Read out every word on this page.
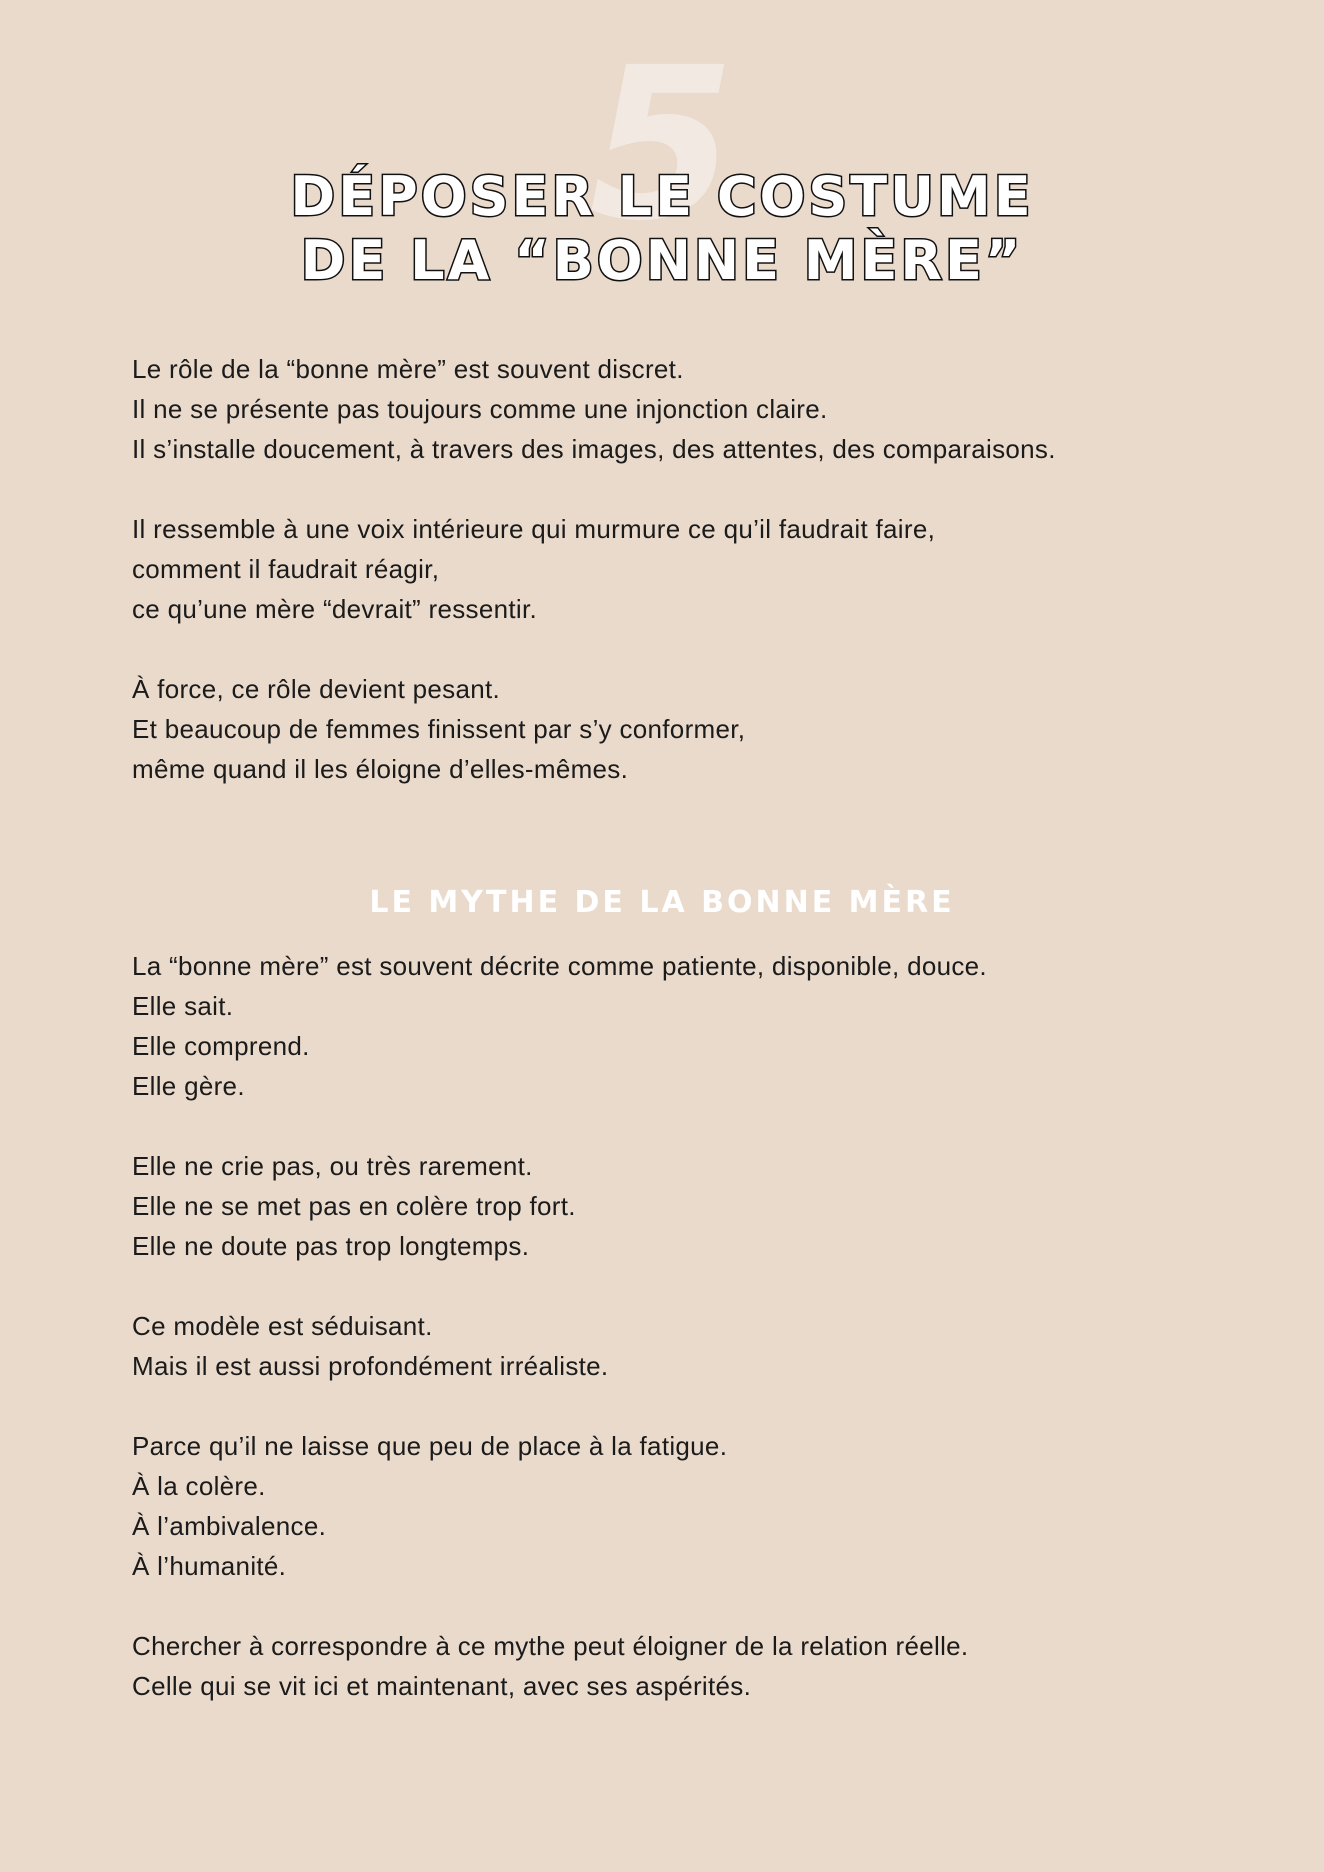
5
DÉPOSER LE COSTUME
DE LA “BONNE MÈRE”

Le rôle de la “bonne mère” est souvent discret.

Il ne se présente pas toujours comme une injonction claire.

Il s’installe doucement, à travers des images, des attentes, des comparaisons.

Il ressemble à une voix intérieure qui murmure ce qu’il faudrait faire,

comment il faudrait réagir,

ce qu’une mère “devrait” ressentir.

À force, ce rôle devient pesant.

Et beaucoup de femmes finissent par s’y conformer,

même quand il les éloigne d’elles-mêmes.

LE MYTHE DE LA BONNE MÈRE

La “bonne mère” est souvent décrite comme patiente, disponible, douce.

Elle sait.

Elle comprend.

Elle gère.

Elle ne crie pas, ou très rarement.

Elle ne se met pas en colère trop fort.

Elle ne doute pas trop longtemps.

Ce modèle est séduisant.

Mais il est aussi profondément irréaliste.

Parce qu’il ne laisse que peu de place à la fatigue.

À la colère.

À l’ambivalence.

À l’humanité.

Chercher à correspondre à ce mythe peut éloigner de la relation réelle.

Celle qui se vit ici et maintenant, avec ses aspérités.
